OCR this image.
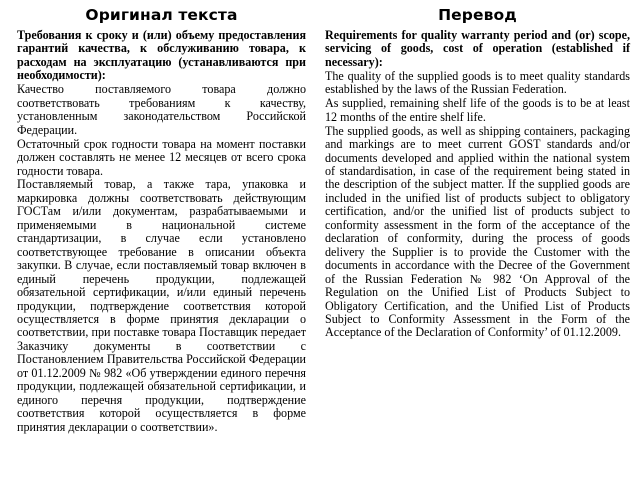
Оригинал текста

Требования к сроку и (или) объему предоставления гарантий качества, к обслуживанию товара, к расходам на эксплуатацию (устанавливаются при необходимости):

Качество поставляемого товара должно соответствовать требованиям к качеству, установленным законодательством Российской Федерации.

Остаточный срок годности товара на момент поставки должен составлять не менее 12 месяцев от всего срока годности товара.

Поставляемый товар, а также тара, упаковка и маркировка должны соответствовать действующим ГОСТам и/или документам, разрабатываемыми и применяемыми в национальной системе стандартизации, в случае если установлено соответствующее требование в описании объекта закупки. В случае, если поставляемый товар включен в единый перечень продукции, подлежащей обязательной сертификации, и/или единый перечень продукции, подтверждение соответствия которой осуществляется в форме принятия декларации о соответствии, при поставке товара Поставщик передает Заказчику документы в соответствии с Постановлением Правительства Российской Федерации от 01.12.2009 № 982 «Об утверждении единого перечня продукции, подлежащей обязательной сертификации, и единого перечня продукции, подтверждение соответствия которой осуществляется в форме принятия декларации о соответствии».

Перевод

Requirements for quality warranty period and (or) scope, servicing of goods, cost of operation (established if necessary):

The quality of the supplied goods is to meet quality standards established by the laws of the Russian Federation.

As supplied, remaining shelf life of the goods is to be at least 12 months of the entire shelf life.

The supplied goods, as well as shipping containers, packaging and markings are to meet current GOST standards and/or documents developed and applied within the national system of standardisation, in case of the requirement being stated in the description of the subject matter. If the supplied goods are included in the unified list of products subject to obligatory certification, and/or the unified list of products subject to conformity assessment in the form of the acceptance of the declaration of conformity, during the process of goods delivery the Supplier is to provide the Customer with the documents in accordance with the Decree of the Government of the Russian Federation № 982 ‘On Approval of the Regulation on the Unified List of Products Subject to Obligatory Certification, and the Unified List of Products Subject to Conformity Assessment in the Form of the Acceptance of the Declaration of Conformity’ of 01.12.2009.
